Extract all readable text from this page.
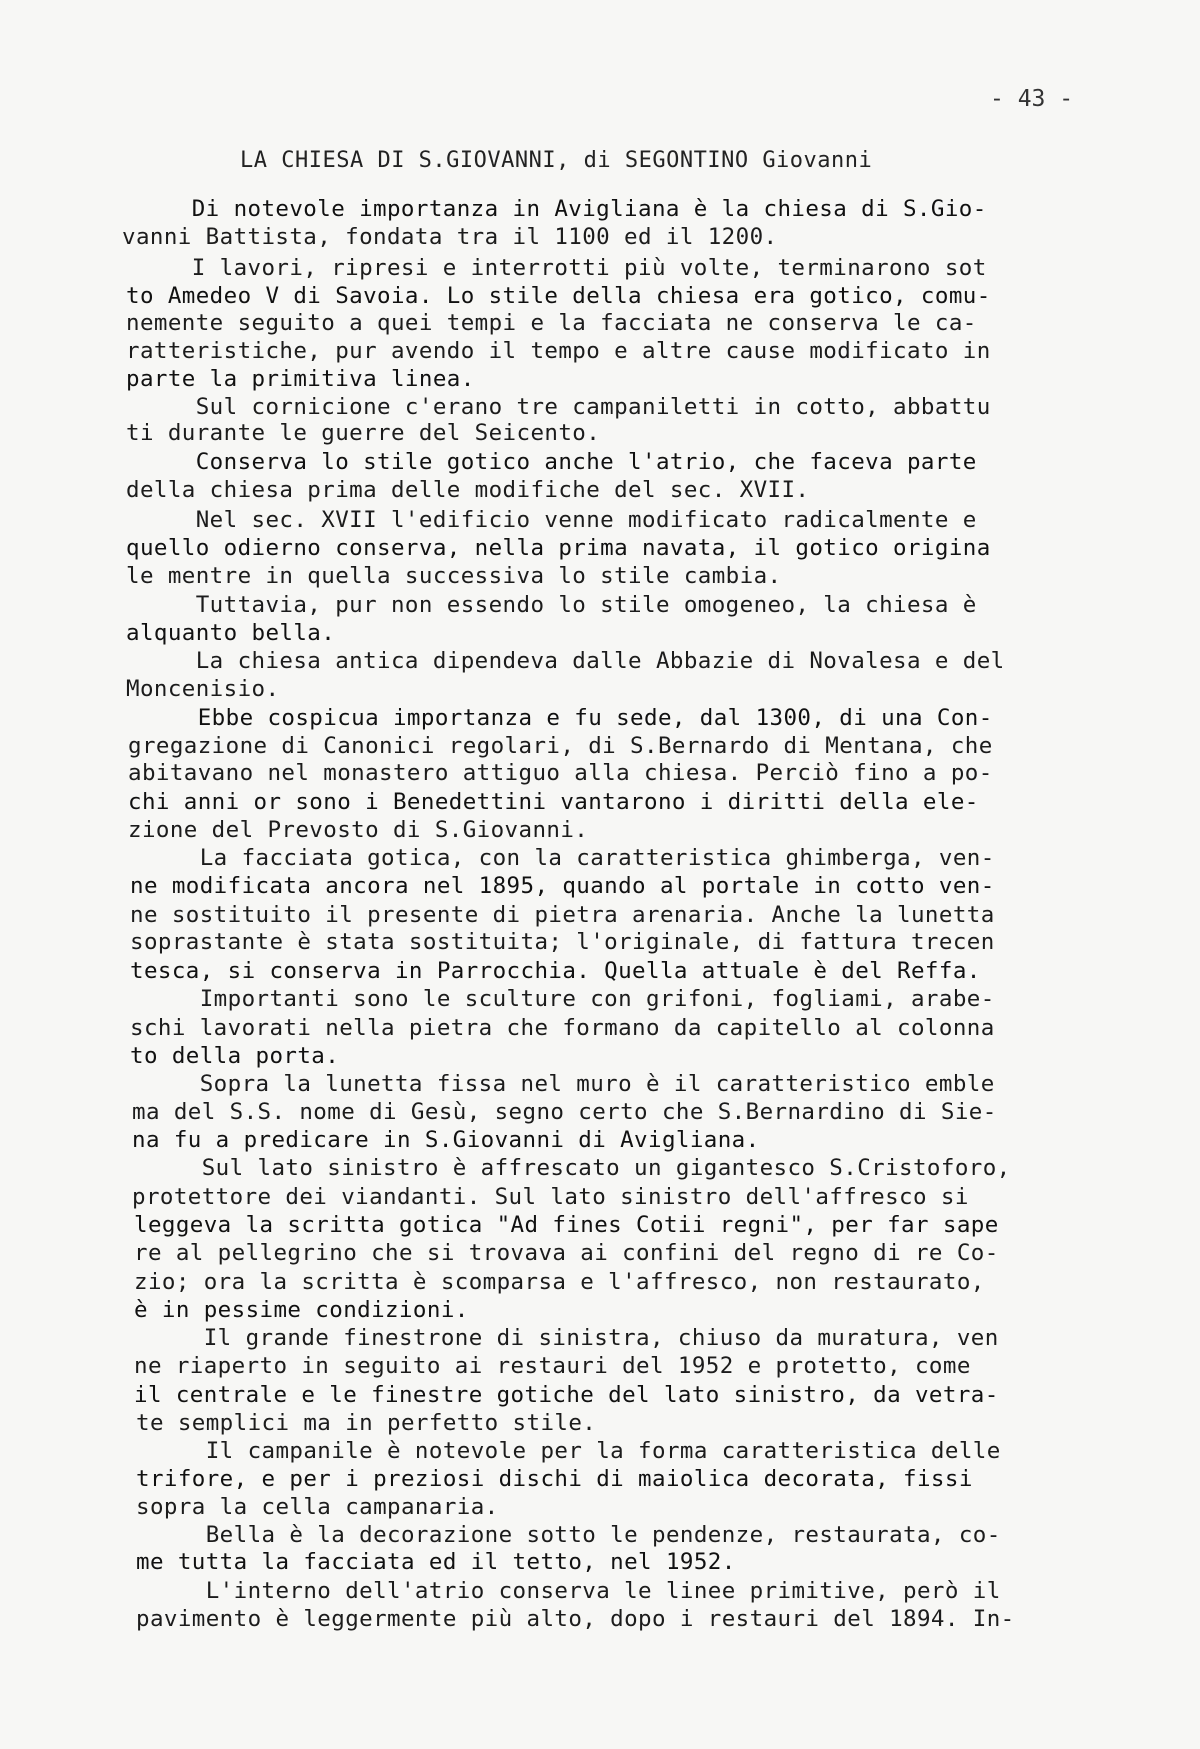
- 43 -
LA CHIESA DI S.GIOVANNI, di SEGONTINO Giovanni
Di notevole importanza in Avigliana è la chiesa di S.Gio-
vanni Battista, fondata tra il 1100 ed il 1200.
I lavori, ripresi e interrotti più volte, terminarono sot
to Amedeo V di Savoia. Lo stile della chiesa era gotico, comu-
nemente seguito a quei tempi e la facciata ne conserva le ca-
ratteristiche, pur avendo il tempo e altre cause modificato in
parte la primitiva linea.
Sul cornicione c'erano tre campaniletti in cotto, abbattu
ti durante le guerre del Seicento.
Conserva lo stile gotico anche l'atrio, che faceva parte
della chiesa prima delle modifiche del sec. XVII.
Nel sec. XVII l'edificio venne modificato radicalmente e
quello odierno conserva, nella prima navata, il gotico origina
le mentre in quella successiva lo stile cambia.
Tuttavia, pur non essendo lo stile omogeneo, la chiesa è
alquanto bella.
La chiesa antica dipendeva dalle Abbazie di Novalesa e del
Moncenisio.
Ebbe cospicua importanza e fu sede, dal 1300, di una Con-
gregazione di Canonici regolari, di S.Bernardo di Mentana, che
abitavano nel monastero attiguo alla chiesa. Perciò fino a po-
chi anni or sono i Benedettini vantarono i diritti della ele-
zione del Prevosto di S.Giovanni.
La facciata gotica, con la caratteristica ghimberga, ven-
ne modificata ancora nel 1895, quando al portale in cotto ven-
ne sostituito il presente di pietra arenaria. Anche la lunetta
soprastante è stata sostituita; l'originale, di fattura trecen
tesca, si conserva in Parrocchia. Quella attuale è del Reffa.
Importanti sono le sculture con grifoni, fogliami, arabe-
schi lavorati nella pietra che formano da capitello al colonna
to della porta.
Sopra la lunetta fissa nel muro è il caratteristico emble
ma del S.S. nome di Gesù, segno certo che S.Bernardino di Sie-
na fu a predicare in S.Giovanni di Avigliana.
Sul lato sinistro è affrescato un gigantesco S.Cristoforo,
protettore dei viandanti. Sul lato sinistro dell'affresco si
leggeva la scritta gotica "Ad fines Cotii regni", per far sape
re al pellegrino che si trovava ai confini del regno di re Co-
zio; ora la scritta è scomparsa e l'affresco, non restaurato,
è in pessime condizioni.
Il grande finestrone di sinistra, chiuso da muratura, ven
ne riaperto in seguito ai restauri del 1952 e protetto, come
il centrale e le finestre gotiche del lato sinistro, da vetra-
te semplici ma in perfetto stile.
Il campanile è notevole per la forma caratteristica delle
trifore, e per i preziosi dischi di maiolica decorata, fissi
sopra la cella campanaria.
Bella è la decorazione sotto le pendenze, restaurata, co-
me tutta la facciata ed il tetto, nel 1952.
L'interno dell'atrio conserva le linee primitive, però il
pavimento è leggermente più alto, dopo i restauri del 1894. In-
